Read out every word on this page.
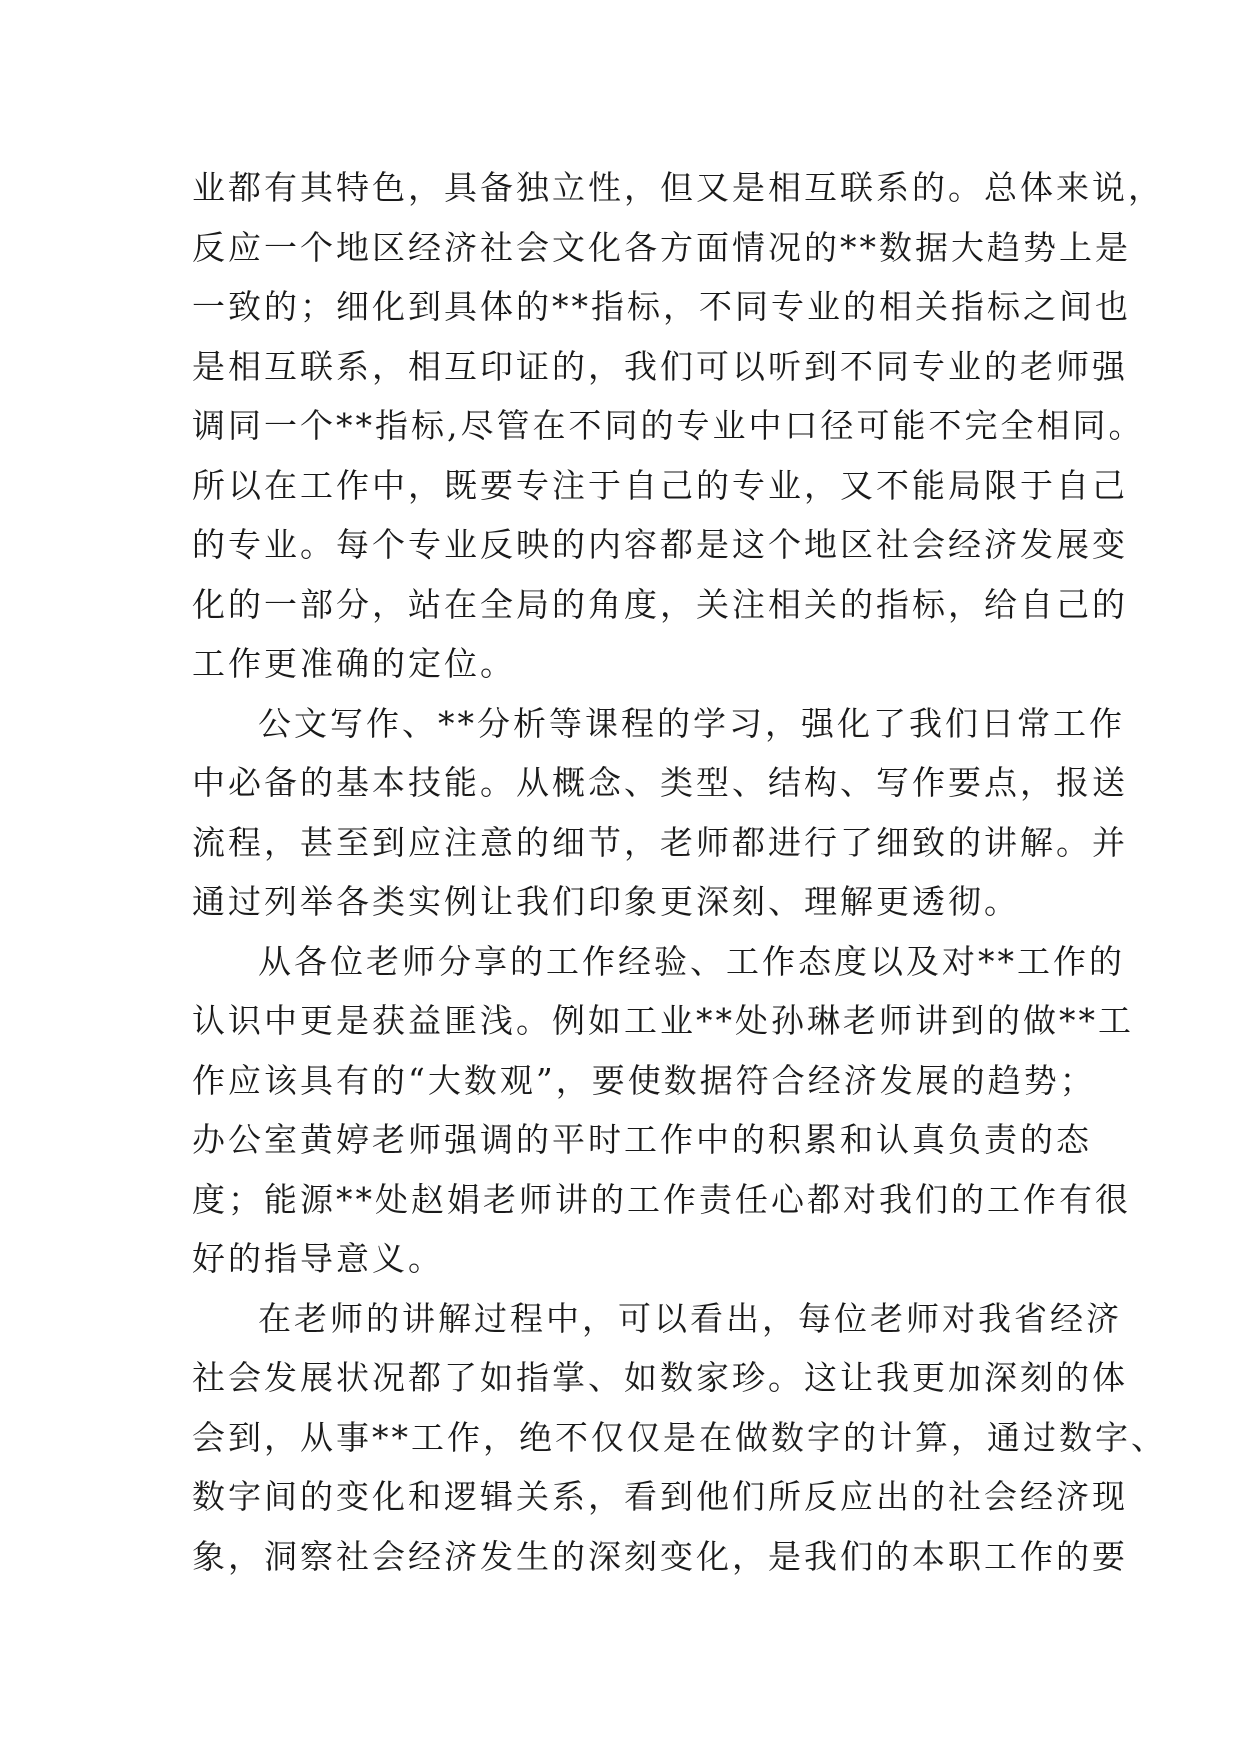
业都有其特色，具备独立性，但又是相互联系的。总体来说，
反应一个地区经济社会文化各方面情况的**数据大趋势上是
一致的；细化到具体的**指标，不同专业的相关指标之间也
是相互联系，相互印证的，我们可以听到不同专业的老师强
调同一个**指标,尽管在不同的专业中口径可能不完全相同。
所以在工作中，既要专注于自己的专业，又不能局限于自己
的专业。每个专业反映的内容都是这个地区社会经济发展变
化的一部分，站在全局的角度，关注相关的指标，给自己的
工作更准确的定位。
公文写作、**分析等课程的学习，强化了我们日常工作
中必备的基本技能。从概念、类型、结构、写作要点，报送
流程，甚至到应注意的细节，老师都进行了细致的讲解。并
通过列举各类实例让我们印象更深刻、理解更透彻。
从各位老师分享的工作经验、工作态度以及对**工作的
认识中更是获益匪浅。例如工业**处孙琳老师讲到的做**工
作应该具有的“大数观”，要使数据符合经济发展的趋势；
办公室黄婷老师强调的平时工作中的积累和认真负责的态
度；能源**处赵娟老师讲的工作责任心都对我们的工作有很
好的指导意义。
在老师的讲解过程中，可以看出，每位老师对我省经济
社会发展状况都了如指掌、如数家珍。这让我更加深刻的体
会到，从事**工作，绝不仅仅是在做数字的计算，通过数字、
数字间的变化和逻辑关系，看到他们所反应出的社会经济现
象，洞察社会经济发生的深刻变化，是我们的本职工作的要
